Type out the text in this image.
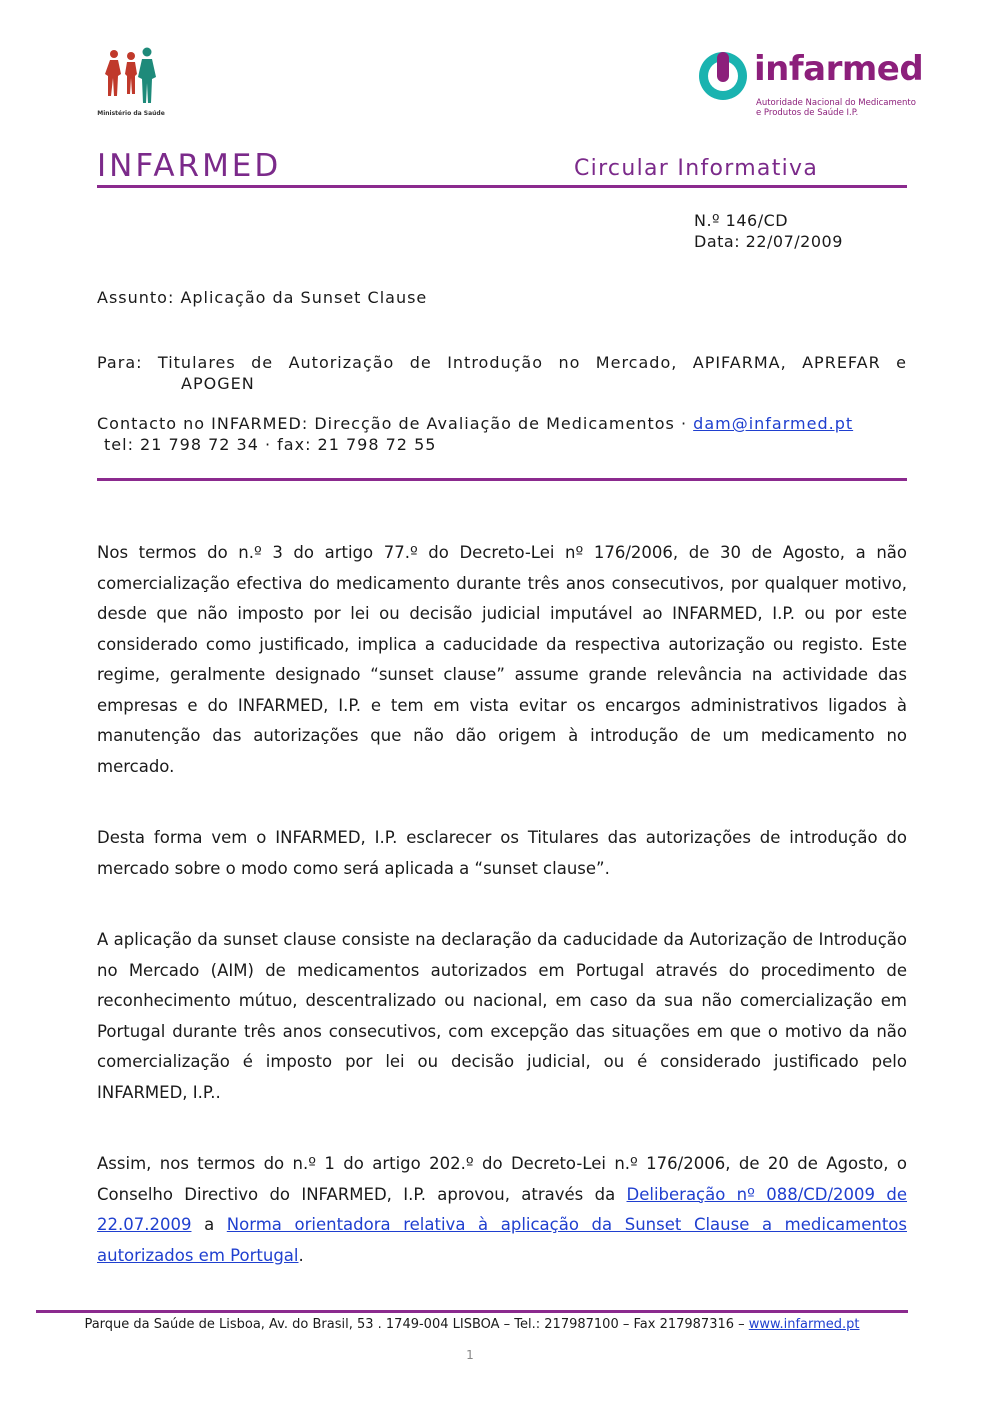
Ministério da Saúde
infarmed
Autoridade Nacional do Medicamento
e Produtos de Saúde I.P.
INFARMED	Circular Informativa
N.º 146/CD
Data: 22/07/2009
Assunto: Aplicação da Sunset Clause
Para: Titulares de Autorização de Introdução no Mercado, APIFARMA, APREFAR e
APOGEN
Contacto no INFARMED: Direcção de Avaliação de Medicamentos · dam@infarmed.pt
tel: 21 798 72 34 · fax: 21 798 72 55
Nos termos do n.º 3 do artigo 77.º do Decreto-Lei nº 176/2006, de 30 de Agosto, a não comercialização efectiva do medicamento durante três anos consecutivos, por qualquer motivo, desde que não imposto por lei ou decisão judicial imputável ao INFARMED, I.P. ou por este considerado como justificado, implica a caducidade da respectiva autorização ou registo. Este regime, geralmente designado “sunset clause” assume grande relevância na actividade das empresas e do INFARMED, I.P. e tem em vista evitar os encargos administrativos ligados à manutenção das autorizações que não dão origem à introdução de um medicamento no mercado.
Desta forma vem o INFARMED, I.P. esclarecer os Titulares das autorizações de introdução do mercado sobre o modo como será aplicada a “sunset clause”.
A aplicação da sunset clause consiste na declaração da caducidade da Autorização de Introdução no Mercado (AIM) de medicamentos autorizados em Portugal através do procedimento de reconhecimento mútuo, descentralizado ou nacional, em caso da sua não comercialização em Portugal durante três anos consecutivos, com excepção das situações em que o motivo da não comercialização é imposto por lei ou decisão judicial, ou é considerado justificado pelo INFARMED, I.P..
Assim, nos termos do n.º 1 do artigo 202.º do Decreto-Lei n.º 176/2006, de 20 de Agosto, o Conselho Directivo do INFARMED, I.P. aprovou, através da Deliberação nº 088/CD/2009 de 22.07.2009 a Norma orientadora relativa à aplicação da Sunset Clause a medicamentos autorizados em Portugal.
Parque da Saúde de Lisboa, Av. do Brasil, 53 . 1749-004 LISBOA – Tel.: 217987100 – Fax 217987316 – www.infarmed.pt
1
